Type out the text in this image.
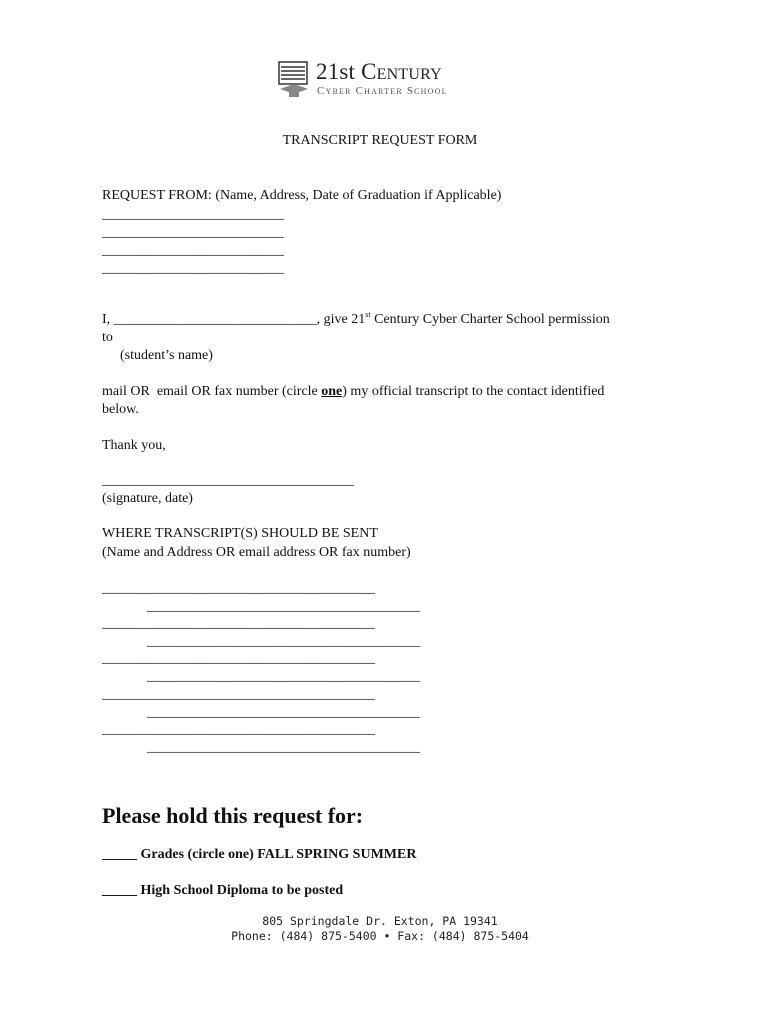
21st Century
Cyber Charter School
TRANSCRIPT REQUEST FORM
REQUEST FROM: (Name, Address, Date of Graduation if Applicable)
__________________________
__________________________
__________________________
__________________________
I, _____________________________, give 21st Century Cyber Charter School permission
to
(student’s name)
mail OR  email OR fax number (circle one) my official transcript to the contact identified
below.
Thank you,
____________________________________
(signature, date)
WHERE TRANSCRIPT(S) SHOULD BE SENT
(Name and Address OR email address OR fax number)
_______________________________________
_______________________________________
_______________________________________
_______________________________________
_______________________________________
_______________________________________
_______________________________________
_______________________________________
_______________________________________
_______________________________________
Please hold this request for:
_____ Grades (circle one) FALL SPRING SUMMER
_____ High School Diploma to be posted
805 Springdale Dr. Exton, PA 19341
Phone: (484) 875-5400 • Fax: (484) 875-5404
